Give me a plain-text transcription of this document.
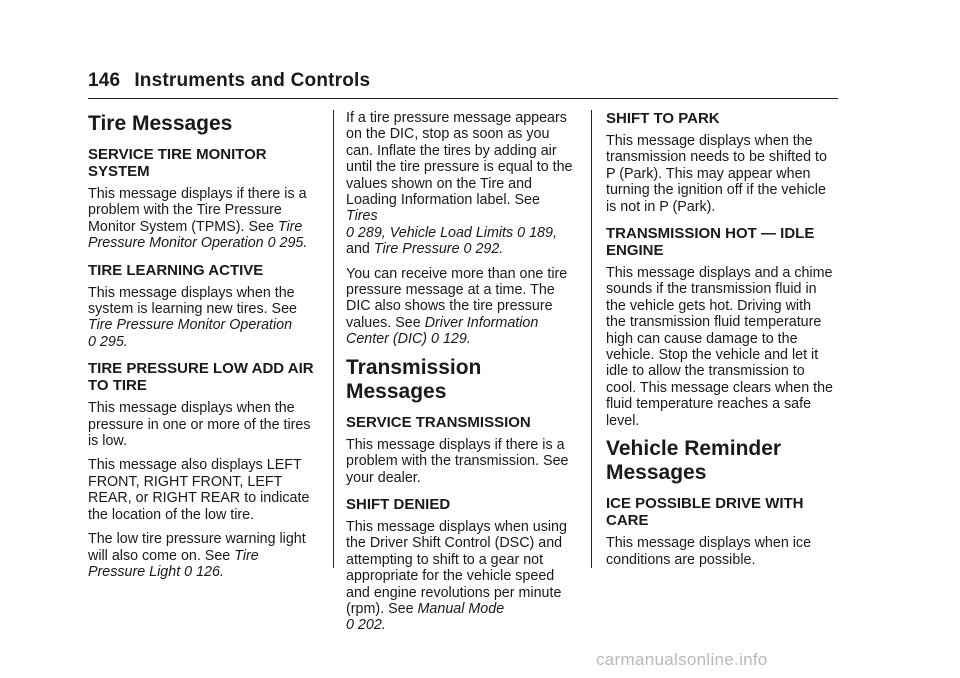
146 Instruments and Controls
Tire Messages
SERVICE TIRE MONITOR SYSTEM

This message displays if there is a problem with the Tire Pressure Monitor System (TPMS). See Tire Pressure Monitor Operation 0 295.

TIRE LEARNING ACTIVE

This message displays when the system is learning new tires. See Tire Pressure Monitor Operation
0 295.

TIRE PRESSURE LOW ADD AIR TO TIRE

This message displays when the pressure in one or more of the tires is low.

This message also displays LEFT FRONT, RIGHT FRONT, LEFT REAR, or RIGHT REAR to indicate the location of the low tire.

The low tire pressure warning light will also come on. See Tire Pressure Light 0 126.

If a tire pressure message appears on the DIC, stop as soon as you can. Inflate the tires by adding air until the tire pressure is equal to the values shown on the Tire and Loading Information label. See Tires
0 289, Vehicle Load Limits 0 189,
and Tire Pressure 0 292.

You can receive more than one tire pressure message at a time. The DIC also shows the tire pressure values. See Driver Information Center (DIC) 0 129.

Transmission Messages
SERVICE TRANSMISSION

This message displays if there is a problem with the transmission. See your dealer.

SHIFT DENIED

This message displays when using the Driver Shift Control (DSC) and attempting to shift to a gear not appropriate for the vehicle speed and engine revolutions per minute (rpm). See Manual Mode
0 202.

SHIFT TO PARK

This message displays when the transmission needs to be shifted to P (Park). This may appear when turning the ignition off if the vehicle is not in P (Park).

TRANSMISSION HOT — IDLE ENGINE

This message displays and a chime sounds if the transmission fluid in the vehicle gets hot. Driving with the transmission fluid temperature high can cause damage to the vehicle. Stop the vehicle and let it idle to allow the transmission to cool. This message clears when the fluid temperature reaches a safe level.

Vehicle Reminder Messages
ICE POSSIBLE DRIVE WITH CARE

This message displays when ice conditions are possible.

carmanualsonline.info
